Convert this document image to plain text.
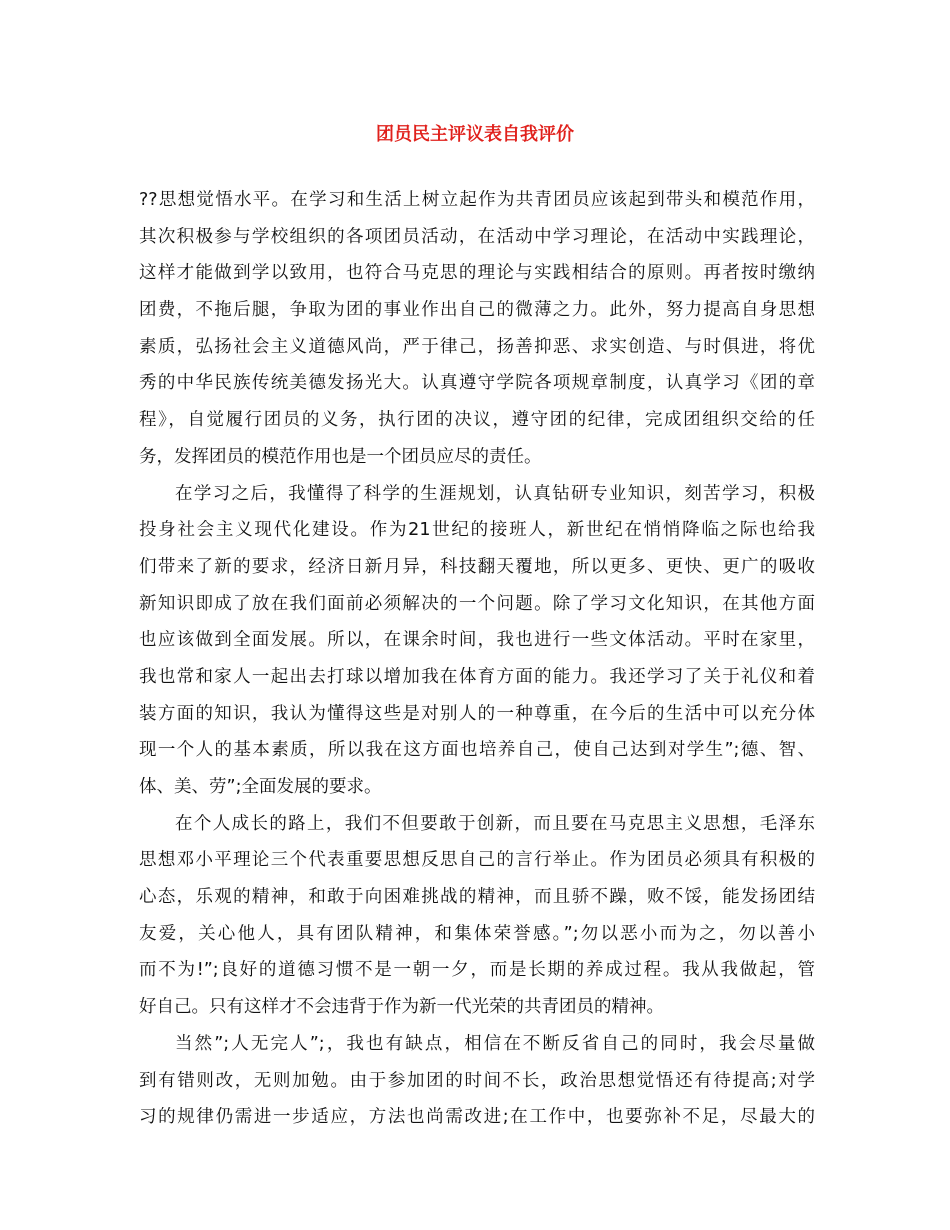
团员民主评议表自我评价
??思想觉悟水平。在学习和生活上树立起作为共青团员应该起到带头和模范作用，
其次积极参与学校组织的各项团员活动，在活动中学习理论，在活动中实践理论，
这样才能做到学以致用，也符合马克思的理论与实践相结合的原则。再者按时缴纳
团费，不拖后腿，争取为团的事业作出自己的微薄之力。此外，努力提高自身思想
素质，弘扬社会主义道德风尚，严于律己，扬善抑恶、求实创造、与时俱进，将优
秀的中华民族传统美德发扬光大。认真遵守学院各项规章制度，认真学习《团的章
程》，自觉履行团员的义务，执行团的决议，遵守团的纪律，完成团组织交给的任
务，发挥团员的模范作用也是一个团员应尽的责任。
在学习之后，我懂得了科学的生涯规划，认真钻研专业知识，刻苦学习，积极
投身社会主义现代化建设。作为21世纪的接班人，新世纪在悄悄降临之际也给我
们带来了新的要求，经济日新月异，科技翻天覆地，所以更多、更快、更广的吸收
新知识即成了放在我们面前必须解决的一个问题。除了学习文化知识，在其他方面
也应该做到全面发展。所以，在课余时间，我也进行一些文体活动。平时在家里，
我也常和家人一起出去打球以增加我在体育方面的能力。我还学习了关于礼仪和着
装方面的知识，我认为懂得这些是对别人的一种尊重，在今后的生活中可以充分体
现一个人的基本素质，所以我在这方面也培养自己，使自己达到对学生”;德、智、
体、美、劳”;全面发展的要求。
在个人成长的路上，我们不但要敢于创新，而且要在马克思主义思想，毛泽东
思想邓小平理论三个代表重要思想反思自己的言行举止。作为团员必须具有积极的
心态，乐观的精神，和敢于向困难挑战的精神，而且骄不躁，败不馁，能发扬团结
友爱，关心他人，具有团队精神，和集体荣誉感。”;勿以恶小而为之，勿以善小
而不为!”;良好的道德习惯不是一朝一夕，而是长期的养成过程。我从我做起，管
好自己。只有这样才不会违背于作为新一代光荣的共青团员的精神。
当然”;人无完人”;，我也有缺点，相信在不断反省自己的同时，我会尽量做
到有错则改，无则加勉。由于参加团的时间不长，政治思想觉悟还有待提高;对学
习的规律仍需进一步适应，方法也尚需改进;在工作中，也要弥补不足，尽最大的
